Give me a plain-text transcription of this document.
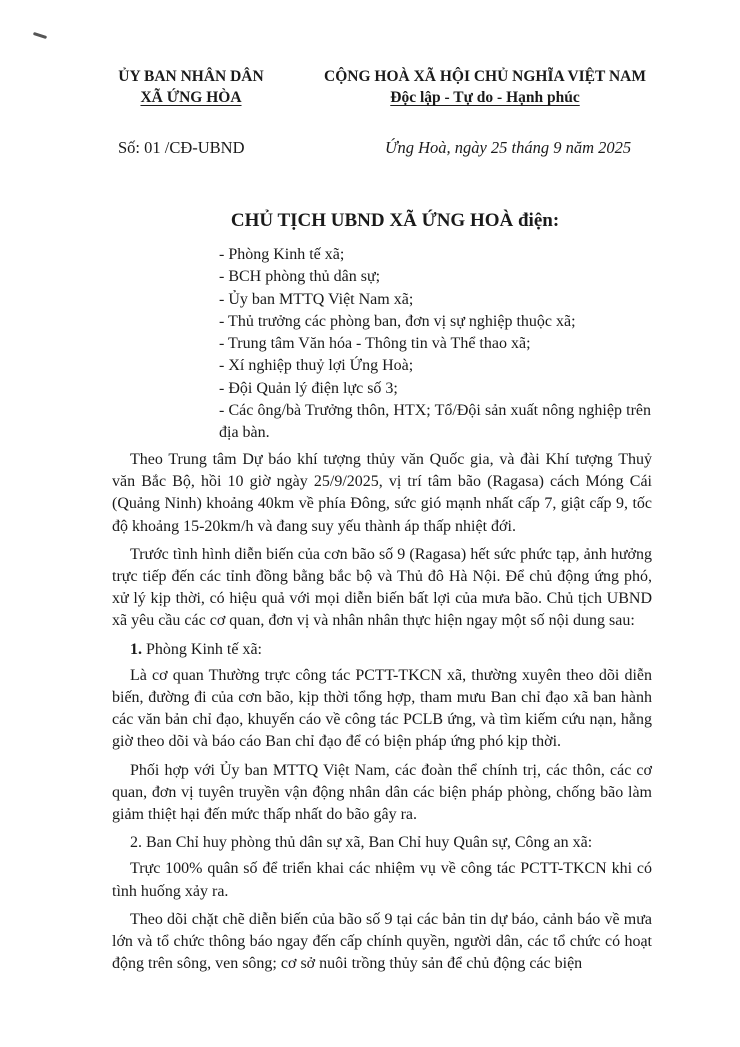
ỦY BAN NHÂN DÂN
XÃ ỨNG HÒA
CỘNG HOÀ XÃ HỘI CHỦ NGHĨA VIỆT NAM
Độc lập - Tự do - Hạnh phúc
Số: 01 /CĐ-UBND	Ứng Hoà, ngày 25 tháng 9 năm 2025
CHỦ TỊCH UBND XÃ ỨNG HOÀ điện:
- Phòng Kinh tế xã;
- BCH phòng thủ dân sự;
- Ủy ban MTTQ Việt Nam xã;
- Thủ trưởng các phòng ban, đơn vị sự nghiệp thuộc xã;
- Trung tâm Văn hóa - Thông tin và Thể thao xã;
- Xí nghiệp thuỷ lợi Ứng Hoà;
- Đội Quản lý điện lực số 3;
- Các ông/bà Trưởng thôn, HTX; Tổ/Đội sản xuất nông nghiệp trên địa bàn.

Theo Trung tâm Dự báo khí tượng thủy văn Quốc gia, và đài Khí tượng Thuỷ văn Bắc Bộ, hồi 10 giờ ngày 25/9/2025, vị trí tâm bão (Ragasa) cách Móng Cái (Quảng Ninh) khoảng 40km về phía Đông, sức gió mạnh nhất cấp 7, giật cấp 9, tốc độ khoảng 15-20km/h và đang suy yếu thành áp thấp nhiệt đới.

Trước tình hình diễn biến của cơn bão số 9 (Ragasa) hết sức phức tạp, ảnh hưởng trực tiếp đến các tỉnh đồng bằng bắc bộ và Thủ đô Hà Nội. Để chủ động ứng phó, xử lý kịp thời, có hiệu quả với mọi diễn biến bất lợi của mưa bão. Chủ tịch UBND xã yêu cầu các cơ quan, đơn vị và nhân nhân thực hiện ngay một số nội dung sau:

1. Phòng Kinh tế xã:

Là cơ quan Thường trực công tác PCTT-TKCN xã, thường xuyên theo dõi diễn biến, đường đi của cơn bão, kịp thời tổng hợp, tham mưu Ban chỉ đạo xã ban hành các văn bản chỉ đạo, khuyến cáo về công tác PCLB ứng, và tìm kiếm cứu nạn, hằng giờ theo dõi và báo cáo Ban chỉ đạo để có biện pháp ứng phó kịp thời.

Phối hợp với Ủy ban MTTQ Việt Nam, các đoàn thể chính trị, các thôn, các cơ quan, đơn vị tuyên truyền vận động nhân dân các biện pháp phòng, chống bão làm giảm thiệt hại đến mức thấp nhất do bão gây ra.

2. Ban Chỉ huy phòng thủ dân sự xã, Ban Chỉ huy Quân sự, Công an xã:

Trực 100% quân số để triển khai các nhiệm vụ về công tác PCTT-TKCN khi có tình huống xảy ra.

Theo dõi chặt chẽ diễn biến của bão số 9 tại các bản tin dự báo, cảnh báo về mưa lớn và tổ chức thông báo ngay đến cấp chính quyền, người dân, các tổ chức có hoạt động trên sông, ven sông; cơ sở nuôi trồng thủy sản để chủ động các biện
